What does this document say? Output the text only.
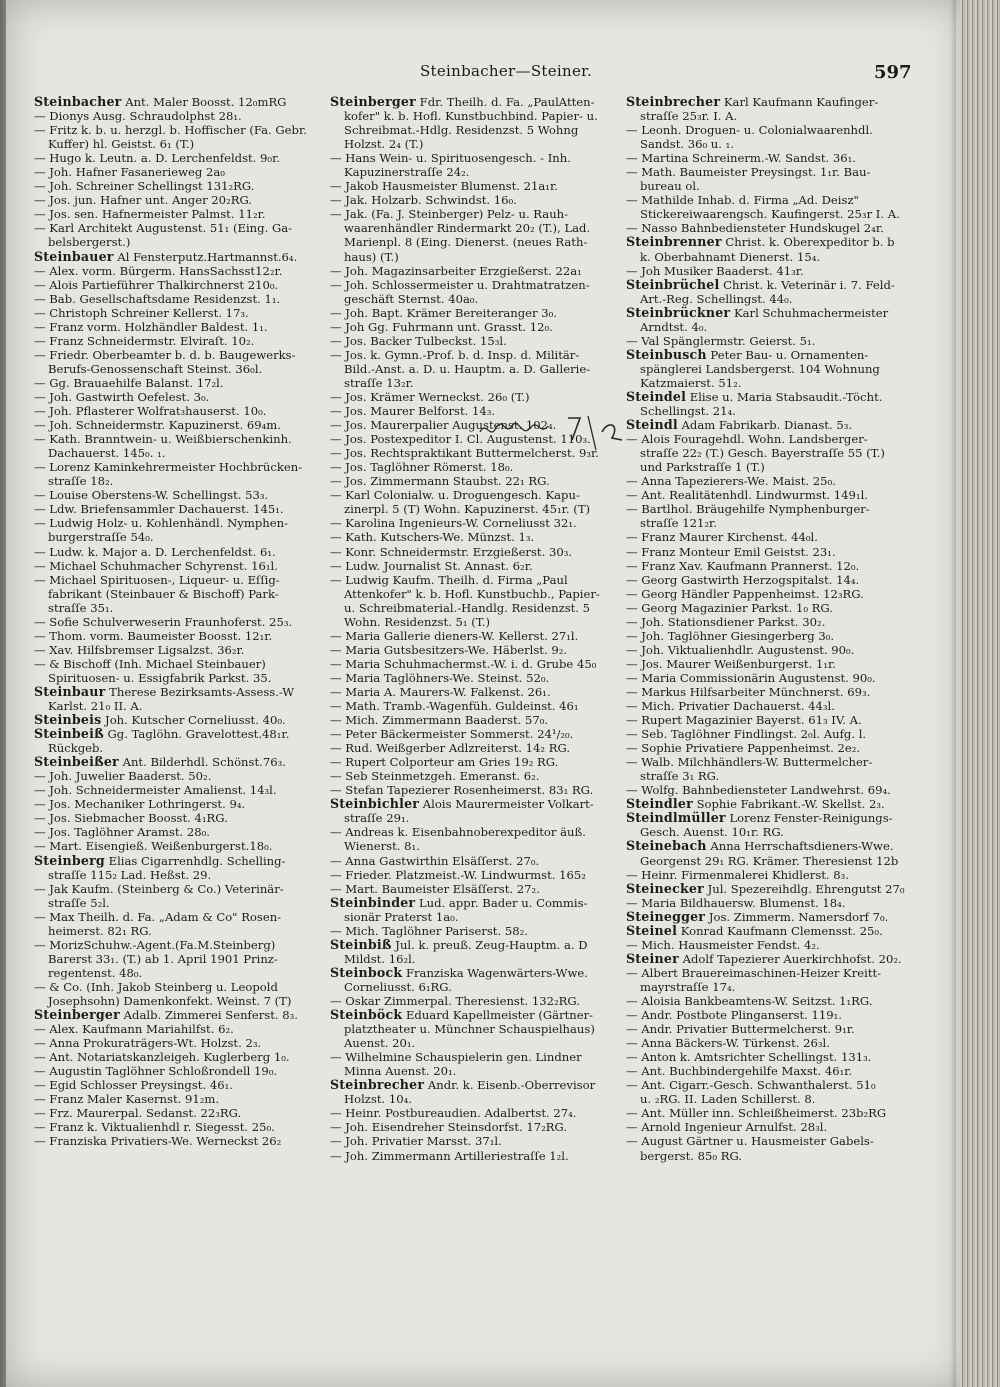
Steinbacher—Steiner.	597
Steinbacher Ant. Maler Boosst. 12₀mRG
— Dionys Ausg. Schraudolphst 28₁.
— Fritz k. b. u. herzgl. b. Hoffischer (Fa. Gebr.
Kuffer) hl. Geistst. 6₁ (T.)
— Hugo k. Leutn. a. D. Lerchenfeldst. 9₀r.
— Joh. Hafner Fasanerieweg 2a₀
— Joh. Schreiner Schellingst 131₂RG.
— Jos. jun. Hafner unt. Anger 20₂RG.
— Jos. sen. Hafnermeister Palmst. 11₂r.
— Karl Architekt Augustenst. 51₁ (Eing. Ga-
belsbergerst.)
Steinbauer Al Fensterputz.Hartmannst.6₄.
— Alex. vorm. Bürgerm. HansSachsst12₂r.
— Alois Partieführer Thalkirchnerst 210₀.
— Bab. Gesellschaftsdame Residenzst. 1₁.
— Christoph Schreiner Kellerst. 17₃.
— Franz vorm. Holzhändler Baldest. 1₁.
— Franz Schneidermstr. Elviraſt. 10₂.
— Friedr. Oberbeamter b. d. b. Baugewerks-
Berufs-Genossenschaft Steinst. 36₀l.
— Gg. Brauaehilfe Balanst. 17₂l.
— Joh. Gastwirth Oefelest. 3₀.
— Joh. Pflasterer Wolfrat₃hauserst. 10₀.
— Joh. Schneidermstr. Kapuzinerst. 69₄m.
— Kath. Branntwein- u. Weißbierschenkinh.
Dachauerst. 145₀. ₁.
— Lorenz Kaminkehrermeister Hochbrücken-
straſſe 18₂.
— Louise Oberstens-W. Schellingst. 53₃.
— Ldw. Briefensammler Dachauerst. 145₁.
— Ludwig Holz- u. Kohlenhändl. Nymphen-
burgerstraſſe 54₀.
— Ludw. k. Major a. D. Lerchenfeldst. 6₁.
— Michael Schuhmacher Schyrenst. 16₁l.
— Michael Spirituosen-, Liqueur- u. Eſſig-
fabrikant (Steinbauer & Bischoff) Park-
straſſe 35₁.
— Sofie Schulverweserin Fraunhoferst. 25₃.
— Thom. vorm. Baumeister Boosst. 12₁r.
— Xav. Hilfsbremser Ligsalzst. 36₂r.
— & Bischoff (Inh. Michael Steinbauer)
Spirituosen- u. Essigfabrik Parkst. 35.
Steinbaur Therese Bezirksamts-Assess.-W
Karlst. 21₀ II. A.
Steinbeis Joh. Kutscher Corneliusst. 40₀.
Steinbeiß Gg. Taglöhn. Gravelottest.48₁r.
Rückgeb.
Steinbeißer Ant. Bilderhdl. Schönst.76₃.
— Joh. Juwelier Baaderst. 50₂.
— Joh. Schneidermeister Amalienst. 14₃l.
— Jos. Mechaniker Lothringerst. 9₄.
— Jos. Siebmacher Boosst. 4₁RG.
— Jos. Taglöhner Aramst. 28₀.
— Mart. Eisengieß. Weißenburgerst.18₀.
Steinberg Elias Cigarrenhdlg. Schelling-
straſſe 115₂ Lad. Heßst. 29.
— Jak Kaufm. (Steinberg & Co.) Veterinär-
straſſe 5₂l.
— Max Theilh. d. Fa. „Adam & Co" Rosen-
heimerst. 82₁ RG.
— MorizSchuhw.-Agent.(Fa.M.Steinberg)
Barerst 33₁. (T.) ab 1. April 1901 Prinz-
regentenst. 48₀.
— & Co. (Inh. Jakob Steinberg u. Leopold
Josephsohn) Damenkonfekt. Weinst. 7 (T)
Steinberger Adalb. Zimmerei Senferst. 8₃.
— Alex. Kaufmann Mariahilfst. 6₂.
— Anna Prokuraträgers-Wt. Holzst. 2₃.
— Ant. Notariatskanzleigeh. Kuglerberg 1₀.
— Augustin Taglöhner Schloßrondell 19₀.
— Egid Schlosser Preysingst. 46₁.
— Franz Maler Kasernst. 91₂m.
— Frz. Maurerpal. Sedanst. 22₃RG.
— Franz k. Viktualienhdl r. Siegesst. 25₀.
— Franziska Privatiers-We. Werneckst 26₂
Steinberger Fdr. Theilh. d. Fa. „PaulAtten-
kofer" k. b. Hofl. Kunstbuchbind. Papier- u.
Schreibmat.-Hdlg. Residenzst. 5 Wohng
Holzst. 2₄ (T.)
— Hans Wein- u. Spirituosengesch. - Inh.
Kapuzinerstraſſe 24₂.
— Jakob Hausmeister Blumenst. 21a₁r.
— Jak. Holzarb. Schwindst. 16₀.
— Jak. (Fa. J. Steinberger) Pelz- u. Rauh-
waarenhändler Rindermarkt 20₂ (T.), Lad.
Marienpl. 8 (Eing. Dienerst. (neues Rath-
haus) (T.)
— Joh. Magazinsarbeiter Erzgießerst. 22a₁
— Joh. Schlossermeister u. Drahtmatratzen-
geschäft Sternst. 40a₀.
— Joh. Bapt. Krämer Bereiteranger 3₀.
— Joh Gg. Fuhrmann unt. Grasst. 12₀.
— Jos. Backer Tulbeckst. 15₃l.
— Jos. k. Gymn.-Prof. b. d. Insp. d. Militär-
Bild.-Anst. a. D. u. Hauptm. a. D. Gallerie-
straſſe 13₂r.
— Jos. Krämer Werneckst. 26₀ (T.)
— Jos. Maurer Belforst. 14₃.
— Jos. Maurerpalier Augustenst. 102₄.
— Jos. Postexpeditor I. Cl. Augustenst. 110₃.
— Jos. Rechtspraktikant Buttermelcherst. 9₃r.
— Jos. Taglöhner Römerst. 18₀.
— Jos. Zimmermann Staubst. 22₁ RG.
— Karl Colonialw. u. Droguengesch. Kapu-
zinerpl. 5 (T) Wohn. Kapuzinerst. 45₁r. (T)
— Karolina Ingenieurs-W. Corneliusst 32₁.
— Kath. Kutschers-We. Münzst. 1₃.
— Konr. Schneidermstr. Erzgießerst. 30₃.
— Ludw. Journalist St. Annast. 6₂r.
— Ludwig Kaufm. Theilh. d. Firma „Paul
Attenkofer" k. b. Hofl. Kunstbuchb., Papier-
u. Schreibmaterial.-Handlg. Residenzst. 5
Wohn. Residenzst. 5₁ (T.)
— Maria Gallerie dieners-W. Kellerst. 27₁l.
— Maria Gutsbesitzers-We. Häberlst. 9₂.
— Maria Schuhmachermst.-W. i. d. Grube 45₀
— Maria Taglöhners-We. Steinst. 52₀.
— Maria A. Maurers-W. Falkenst. 26₁.
— Math. Tramb.-Wagenfüh. Guldeinst. 46₁
— Mich. Zimmermann Baaderst. 57₀.
— Peter Bäckermeister Sommerst. 24¹/₂₀.
— Rud. Weißgerber Adlzreiterst. 14₂ RG.
— Rupert Colporteur am Gries 19₂ RG.
— Seb Steinmetzgeh. Emeranst. 6₂.
— Stefan Tapezierer Rosenheimerst. 83₁ RG.
Steinbichler Alois Maurermeister Volkart-
straſſe 29₁.
— Andreas k. Eisenbahnoberexpeditor äuß.
Wienerst. 8₁.
— Anna Gastwirthin Elsäſſerst. 27₀.
— Frieder. Platzmeist.-W. Lindwurmst. 165₂
— Mart. Baumeister Elsäſſerst. 27₂.
Steinbinder Lud. appr. Bader u. Commis-
sionär Praterst 1a₀.
— Mich. Taglöhner Pariserst. 58₂.
Steinbiß Jul. k. preuß. Zeug-Hauptm. a. D
Mildst. 16₂l.
Steinbock Franziska Wagenwärters-Wwe.
Corneliusst. 6₁RG.
— Oskar Zimmerpal. Theresienst. 132₂RG.
Steinböck Eduard Kapellmeister (Gärtner-
platztheater u. Münchner Schauspielhaus)
Auenst. 20₁.
— Wilhelmine Schauspielerin gen. Lindner
Minna Auenst. 20₁.
Steinbrecher Andr. k. Eisenb.-Oberrevisor
Holzst. 10₄.
— Heinr. Postbureaudien. Adalbertst. 27₄.
— Joh. Eisendreher Steinsdorfst. 17₂RG.
— Joh. Privatier Marsst. 37₁l.
— Joh. Zimmermann Artilleriestraſſe 1₂l.
Steinbrecher Karl Kaufmann Kaufinger-
straſſe 25₃r. I. A.
— Leonh. Droguen- u. Colonialwaarenhdl.
Sandst. 36₀ u. ₁.
— Martina Schreinerm.-W. Sandst. 36₁.
— Math. Baumeister Preysingst. 1₁r. Bau-
bureau ol.
— Mathilde Inhab. d. Firma „Ad. Deisz"
Stickereiwaarengsch. Kaufingerst. 25₃r I. A.
— Nasso Bahnbediensteter Hundskugel 2₄r.
Steinbrenner Christ. k. Oberexpeditor b. b
k. Oberbahnamt Dienerst. 15₄.
— Joh Musiker Baaderst. 41₃r.
Steinbrüchel Christ. k. Veterinär i. 7. Feld-
Art.-Reg. Schellingst. 44₀.
Steinbrückner Karl Schuhmachermeister
Arndtst. 4₀.
— Val Spänglermstr. Geierst. 5₁.
Steinbusch Peter Bau- u. Ornamenten-
spänglerei Landsbergerst. 104 Wohnung
Katzmaierst. 51₂.
Steindel Elise u. Maria Stabsaudit.-Töcht.
Schellingst. 21₄.
Steindl Adam Fabrikarb. Dianast. 5₃.
— Alois Fouragehdl. Wohn. Landsberger-
straſſe 22₂ (T.) Gesch. Bayerstraſſe 55 (T.)
und Parkstraſſe 1 (T.)
— Anna Tapezierers-We. Maist. 25₀.
— Ant. Realitätenhdl. Lindwurmst. 149₁l.
— Bartlhol. Bräugehilfe Nymphenburger-
straſſe 121₂r.
— Franz Maurer Kirchenst. 44₀l.
— Franz Monteur Emil Geistst. 23₁.
— Franz Xav. Kaufmann Prannerst. 12₀.
— Georg Gastwirth Herzogspitalst. 14₄.
— Georg Händler Pappenheimst. 12₃RG.
— Georg Magazinier Parkst. 1₀ RG.
— Joh. Stationsdiener Parkst. 30₂.
— Joh. Taglöhner Giesingerberg 3₀.
— Joh. Viktualienhdlr. Augustenst. 90₀.
— Jos. Maurer Weißenburgerst. 1₁r.
— Maria Commissionärin Augustenst. 90₀.
— Markus Hilfsarbeiter Münchnerst. 69₃.
— Mich. Privatier Dachauerst. 44₃l.
— Rupert Magazinier Bayerst. 61₃ IV. A.
— Seb. Taglöhner Findlingst. 2₀l. Aufg. l.
— Sophie Privatiere Pappenheimst. 2e₂.
— Walb. Milchhändlers-W. Buttermelcher-
straſſe 3₁ RG.
— Wolfg. Bahnbediensteter Landwehrst. 69₄.
Steindler Sophie Fabrikant.-W. Skellst. 2₃.
Steindlmüller Lorenz Fenster-Reinigungs-
Gesch. Auenst. 10₁r. RG.
Steinebach Anna Herrschaftsdieners-Wwe.
Georgenst 29₁ RG. Krämer. Theresienst 12b
— Heinr. Firmenmalerei Khidlerst. 8₃.
Steinecker Jul. Spezereihdlg. Ehrengutst 27₀
— Maria Bildhauersw. Blumenst. 18₄.
Steinegger Jos. Zimmerm. Namersdorf 7₀.
Steinel Konrad Kaufmann Clemensst. 25₀.
— Mich. Hausmeister Fendst. 4₂.
Steiner Adolf Tapezierer Auerkirchhofst. 20₂.
— Albert Brauereimaschinen-Heizer Kreitt-
mayrstraſſe 17₄.
— Aloisia Bankbeamtens-W. Seitzst. 1₁RG.
— Andr. Postbote Plinganserst. 119₁.
— Andr. Privatier Buttermelcherst. 9₁r.
— Anna Bäckers-W. Türkenst. 26₃l.
— Anton k. Amtsrichter Schellingst. 131₃.
— Ant. Buchbindergehilfe Maxst. 46₁r.
— Ant. Cigarr.-Gesch. Schwanthalerst. 51₀
u. ₂RG. II. Laden Schillerst. 8.
— Ant. Müller inn. Schleißheimerst. 23b₂RG
— Arnold Ingenieur Arnulfst. 28₃l.
— August Gärtner u. Hausmeister Gabels-
bergerst. 85₀ RG.
